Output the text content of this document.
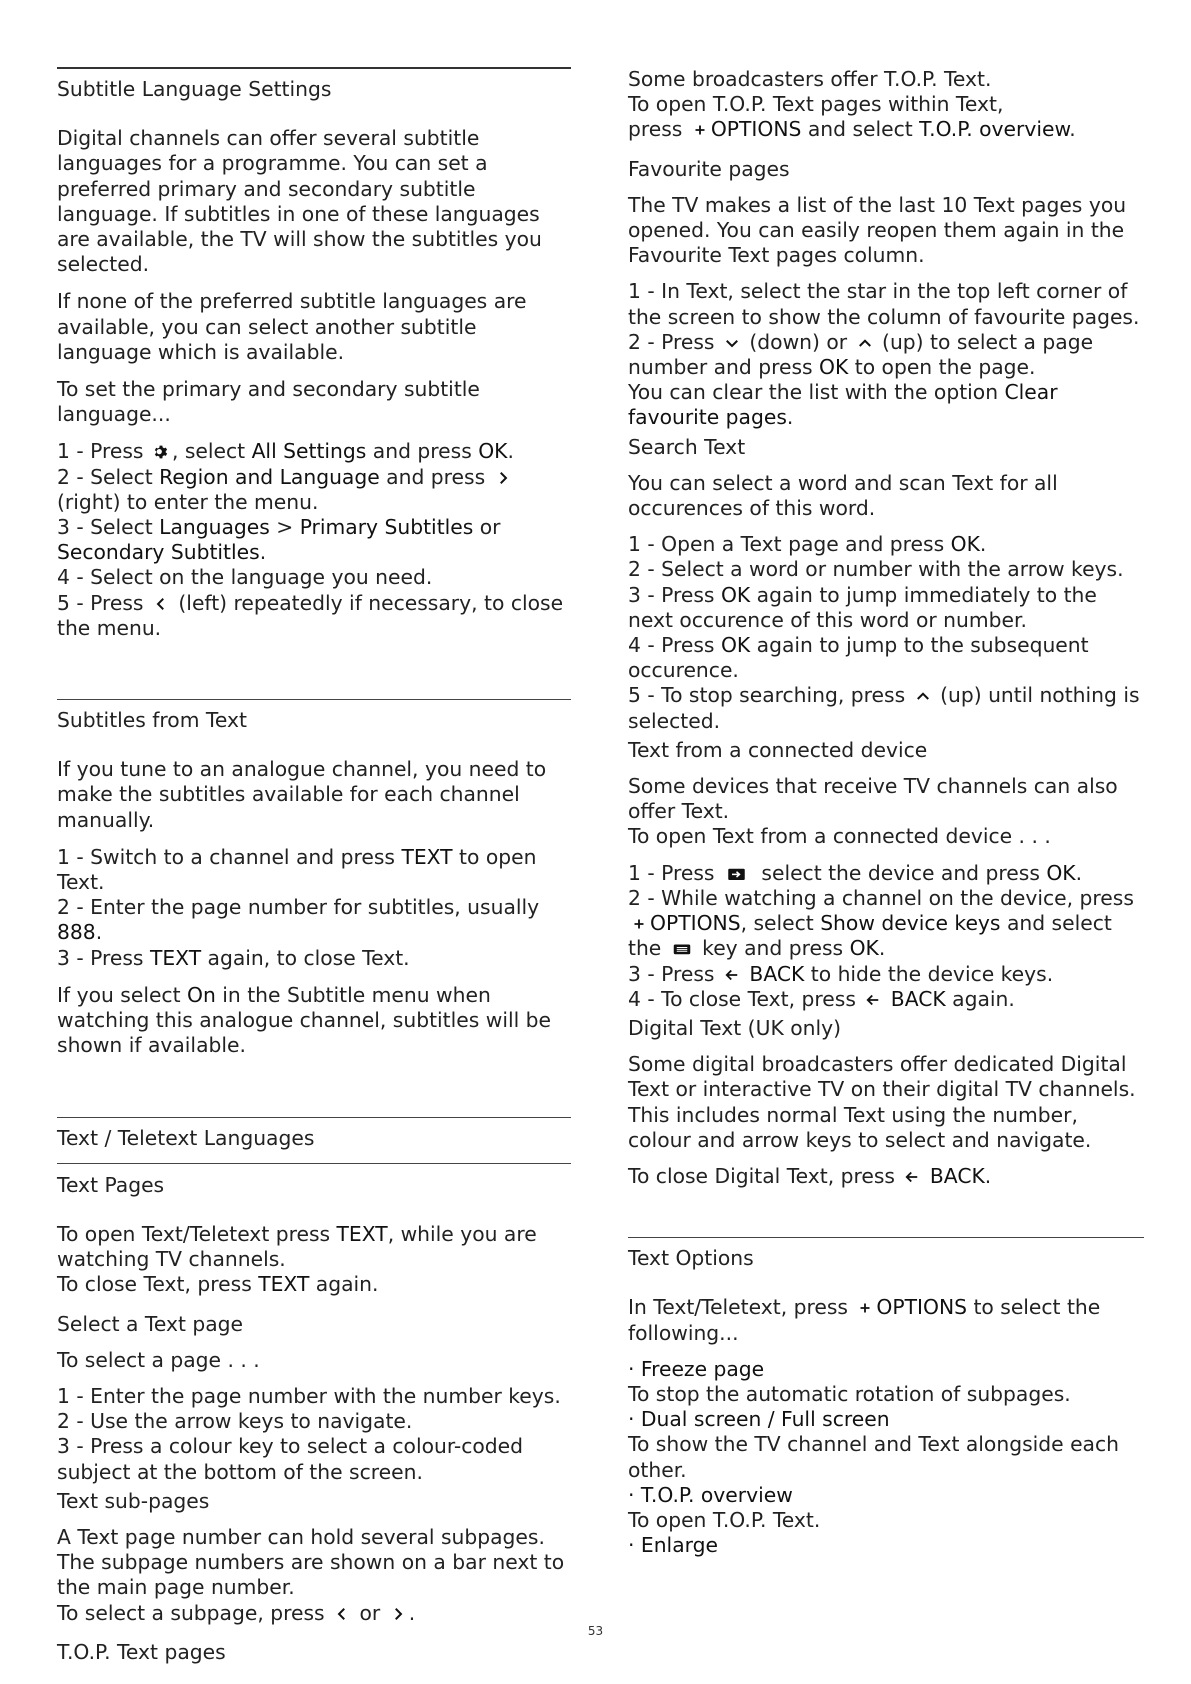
Subtitle Language Settings

Digital channels can offer several subtitle languages for a programme. You can set a preferred primary and secondary subtitle language. If subtitles in one of these languages are available, the TV will show the subtitles you selected.

If none of the preferred subtitle languages are available, you can select another subtitle language which is available.

To set the primary and secondary subtitle language...

1 - Press
, select All Settings and press OK.
2 - Select Region and Language and press
(right) to enter the menu.
3 - Select Languages > Primary Subtitles or Secondary Subtitles.
4 - Select on the language you need.
5 - Press
(left) repeatedly if necessary, to close the menu.
Subtitles from Text

If you tune to an analogue channel, you need to make the subtitles available for each channel manually.

1 - Switch to a channel and press TEXT to open Text.
2 - Enter the page number for subtitles, usually 888.
3 - Press TEXT again, to close Text.

If you select On in the Subtitle menu when watching this analogue channel, subtitles will be shown if available.

Text / Teletext Languages
Text Pages

To open Text/Teletext press TEXT, while you are watching TV channels.

To close Text, press TEXT again.

Select a Text page

To select a page . . .

1 - Enter the page number with the number keys.
2 - Use the arrow keys to navigate.
3 - Press a colour key to select a colour-coded subject at the bottom of the screen.
Text sub-pages

A Text page number can hold several subpages. The subpage numbers are shown on a bar next to the main page number.

To select a subpage, press
or
.

T.O.P. Text pages
Some broadcasters offer T.O.P. Text.
To open T.O.P. Text pages within Text,
press
OPTIONS and select T.O.P. overview.
Favourite pages

The TV makes a list of the last 10 Text pages you opened. You can easily reopen them again in the Favourite Text pages column.

1 - In Text, select the star in the top left corner of the screen to show the column of favourite pages.
2 - Press
(down) or
(up) to select a page number and press OK to open the page.

You can clear the list with the option Clear favourite pages.

Search Text

You can select a word and scan Text for all occurences of this word.

1 - Open a Text page and press OK.
2 - Select a word or number with the arrow keys.
3 - Press OK again to jump immediately to the next occurence of this word or number.
4 - Press OK again to jump to the subsequent occurence.
5 - To stop searching, press
(up) until nothing is selected.
Text from a connected device

Some devices that receive TV channels can also offer Text.

To open Text from a connected device . . .

1 - Press
select the device and press OK.
2 - While watching a channel on the device, press
OPTIONS, select Show device keys and select the
key and press OK.
3 - Press
BACK to hide the device keys.
4 - To close Text, press
BACK again.
Digital Text (UK only)

Some digital broadcasters offer dedicated Digital Text or interactive TV on their digital TV channels. This includes normal Text using the number, colour and arrow keys to select and navigate.

To close Digital Text, press
BACK.

Text Options

In Text/Teletext, press
OPTIONS to select the following...

· Freeze page
To stop the automatic rotation of subpages.
· Dual screen / Full screen
To show the TV channel and Text alongside each other.
· T.O.P. overview
To open T.O.P. Text.
· Enlarge
53
